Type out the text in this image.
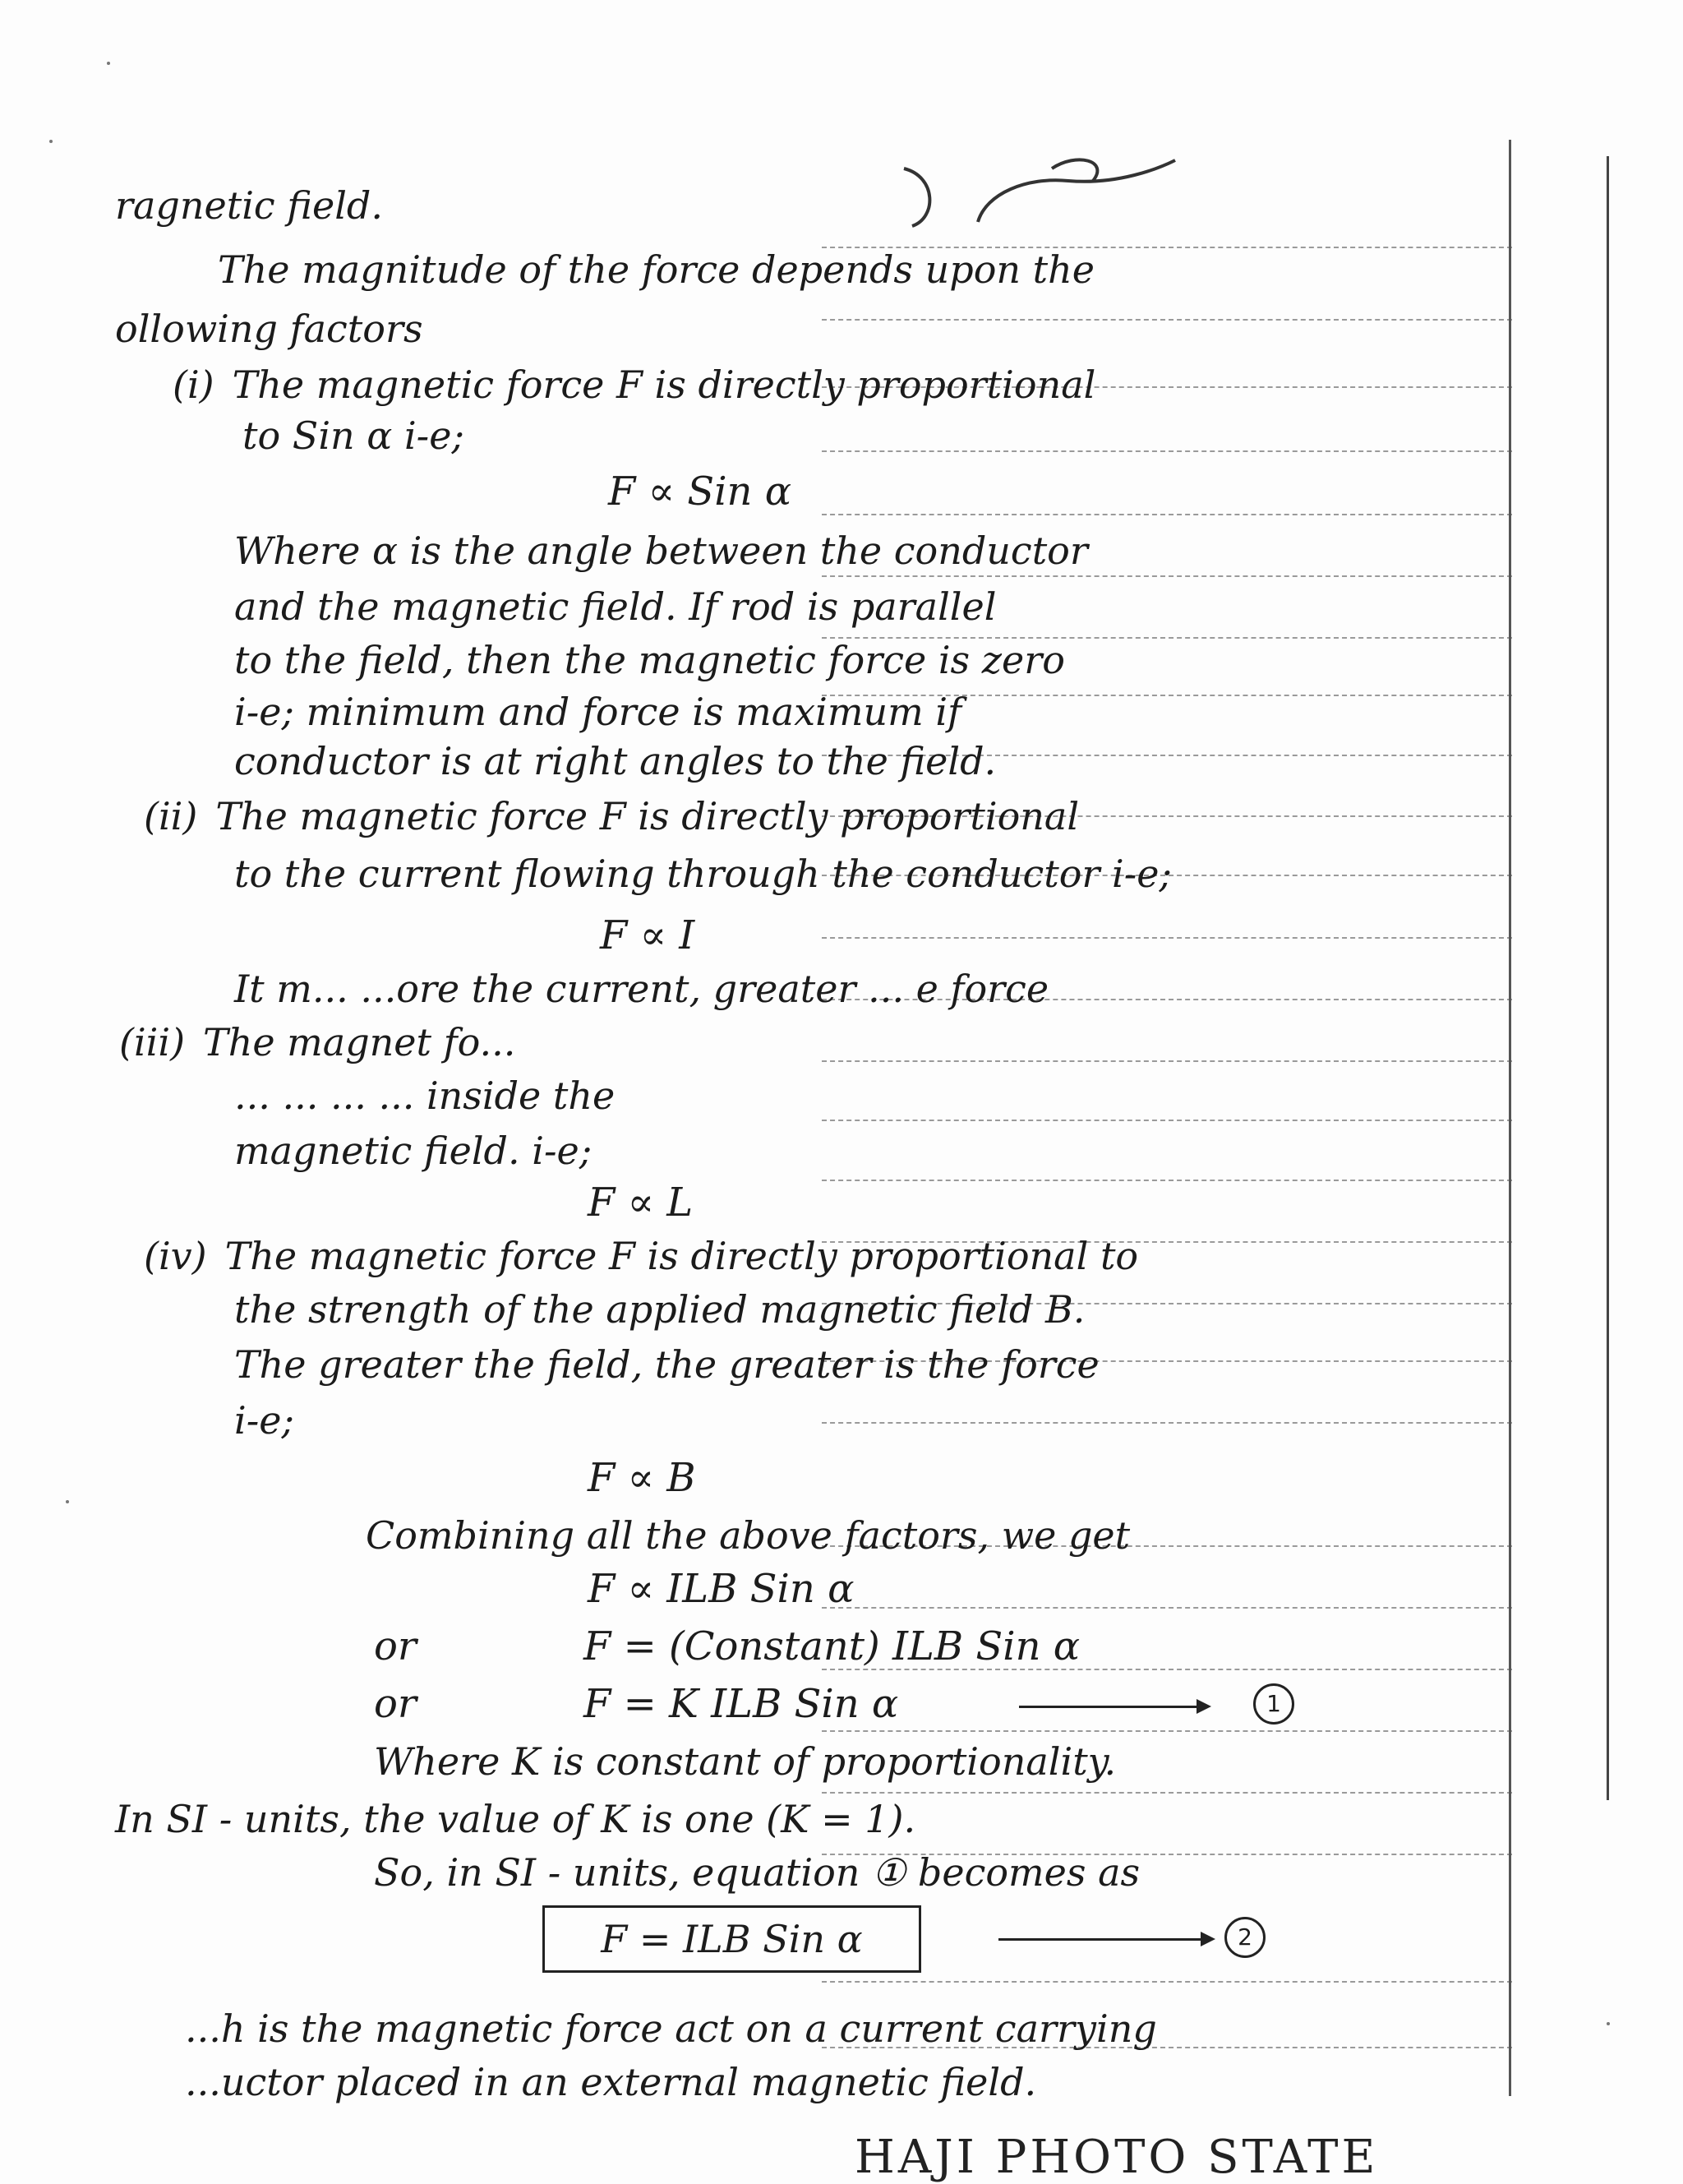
ragnetic field.
The magnitude of the force depends upon the
ollowing factors
(i) The magnetic force F is directly proportional
to Sin α i-e;
F ∝ Sin α
Where α is the angle between the conductor
and the magnetic field. If rod is parallel
to the field, then the magnetic force is zero
i-e; minimum and force is maximum if
conductor is at right angles to the field.
(ii) The magnetic force F is directly proportional
to the current flowing through the conductor i-e;
F ∝ I
It m... ...ore the current, greater ... e force
(iii) The magnet fo...
... ... ... ... inside the
magnetic field. i-e;
F ∝ L
(iv) The magnetic force F is directly proportional to
the strength of the applied magnetic field B.
The greater the field, the greater is the force
i-e;
F ∝ B
Combining all the above factors, we get
F ∝ ILB Sin α
or	F = (Constant) ILB Sin α
or	F = K ILB Sin α	1
Where K is constant of proportionality.
In SI - units, the value of K is one (K = 1).
So, in SI - units, equation ① becomes as
F = ILB Sin α	2
...h is the magnetic force act on a current carrying
...uctor placed in an external magnetic field.
HAJI PHOTO STATE
